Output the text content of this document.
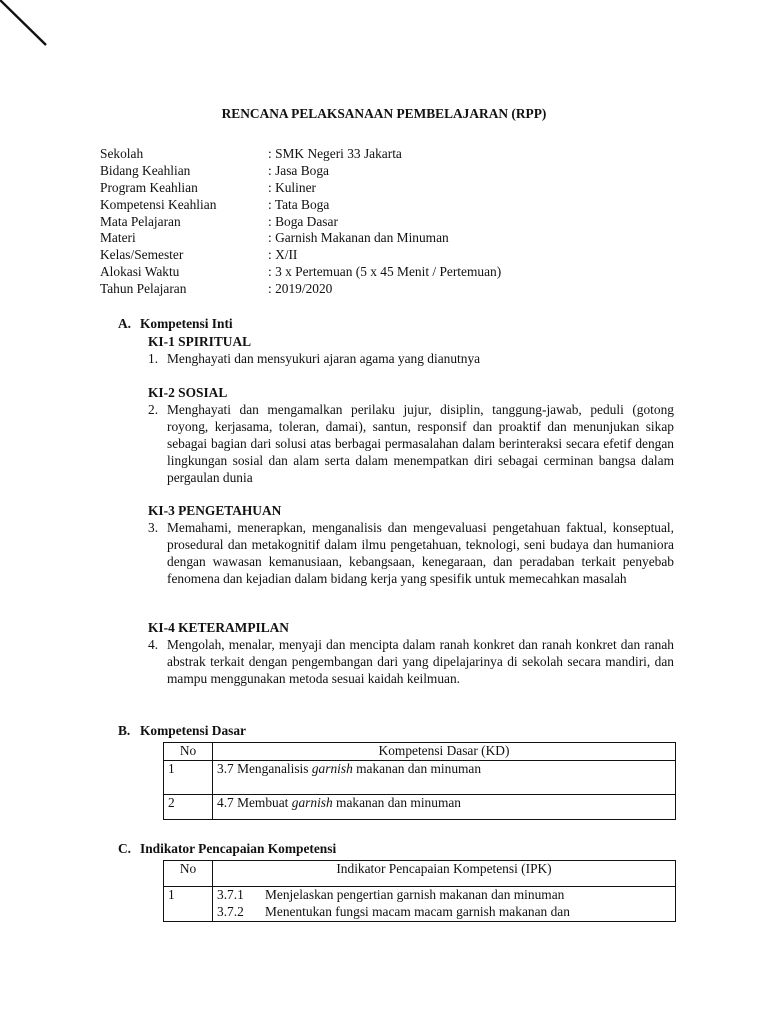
RENCANA PELAKSANAAN PEMBELAJARAN (RPP)
Sekolah	: SMK Negeri 33 Jakarta
Bidang Keahlian	: Jasa Boga
Program Keahlian	: Kuliner
Kompetensi Keahlian	: Tata Boga
Mata Pelajaran	: Boga Dasar
Materi	: Garnish Makanan dan Minuman
Kelas/Semester	: X/II
Alokasi Waktu	: 3 x Pertemuan (5 x 45 Menit / Pertemuan)
Tahun Pelajaran	: 2019/2020
A. Kompetensi Inti
KI-1 SPIRITUAL
1. Menghayati dan mensyukuri ajaran agama yang dianutnya
KI-2 SOSIAL
2. Menghayati dan mengamalkan perilaku jujur, disiplin, tanggung-jawab, peduli (gotong royong, kerjasama, toleran, damai), santun, responsif dan proaktif dan menunjukan sikap sebagai bagian dari solusi atas berbagai permasalahan dalam berinteraksi secara efetif dengan lingkungan sosial dan alam serta dalam menempatkan diri sebagai cerminan bangsa dalam pergaulan dunia
KI-3 PENGETAHUAN
3. Memahami, menerapkan, menganalisis dan mengevaluasi pengetahuan faktual, konseptual, prosedural dan metakognitif dalam ilmu pengetahuan, teknologi, seni budaya dan humaniora dengan wawasan kemanusiaan, kebangsaan, kenegaraan, dan peradaban terkait penyebab fenomena dan kejadian dalam bidang kerja yang spesifik untuk memecahkan masalah
KI-4 KETERAMPILAN
4. Mengolah, menalar, menyaji dan mencipta dalam ranah konkret dan ranah konkret dan ranah abstrak terkait dengan pengembangan dari yang dipelajarinya di sekolah secara mandiri, dan mampu menggunakan metoda sesuai kaidah keilmuan.
B. Kompetensi Dasar
No	Kompetensi Dasar (KD)
1	3.7 Menganalisis garnish makanan dan minuman
2	4.7 Membuat garnish makanan dan minuman
C. Indikator Pencapaian Kompetensi
No	Indikator Pencapaian Kompetensi (IPK)
1	3.7.1 Menjelaskan pengertian garnish makanan dan minuman
3.7.2 Menentukan fungsi macam macam garnish makanan dan
